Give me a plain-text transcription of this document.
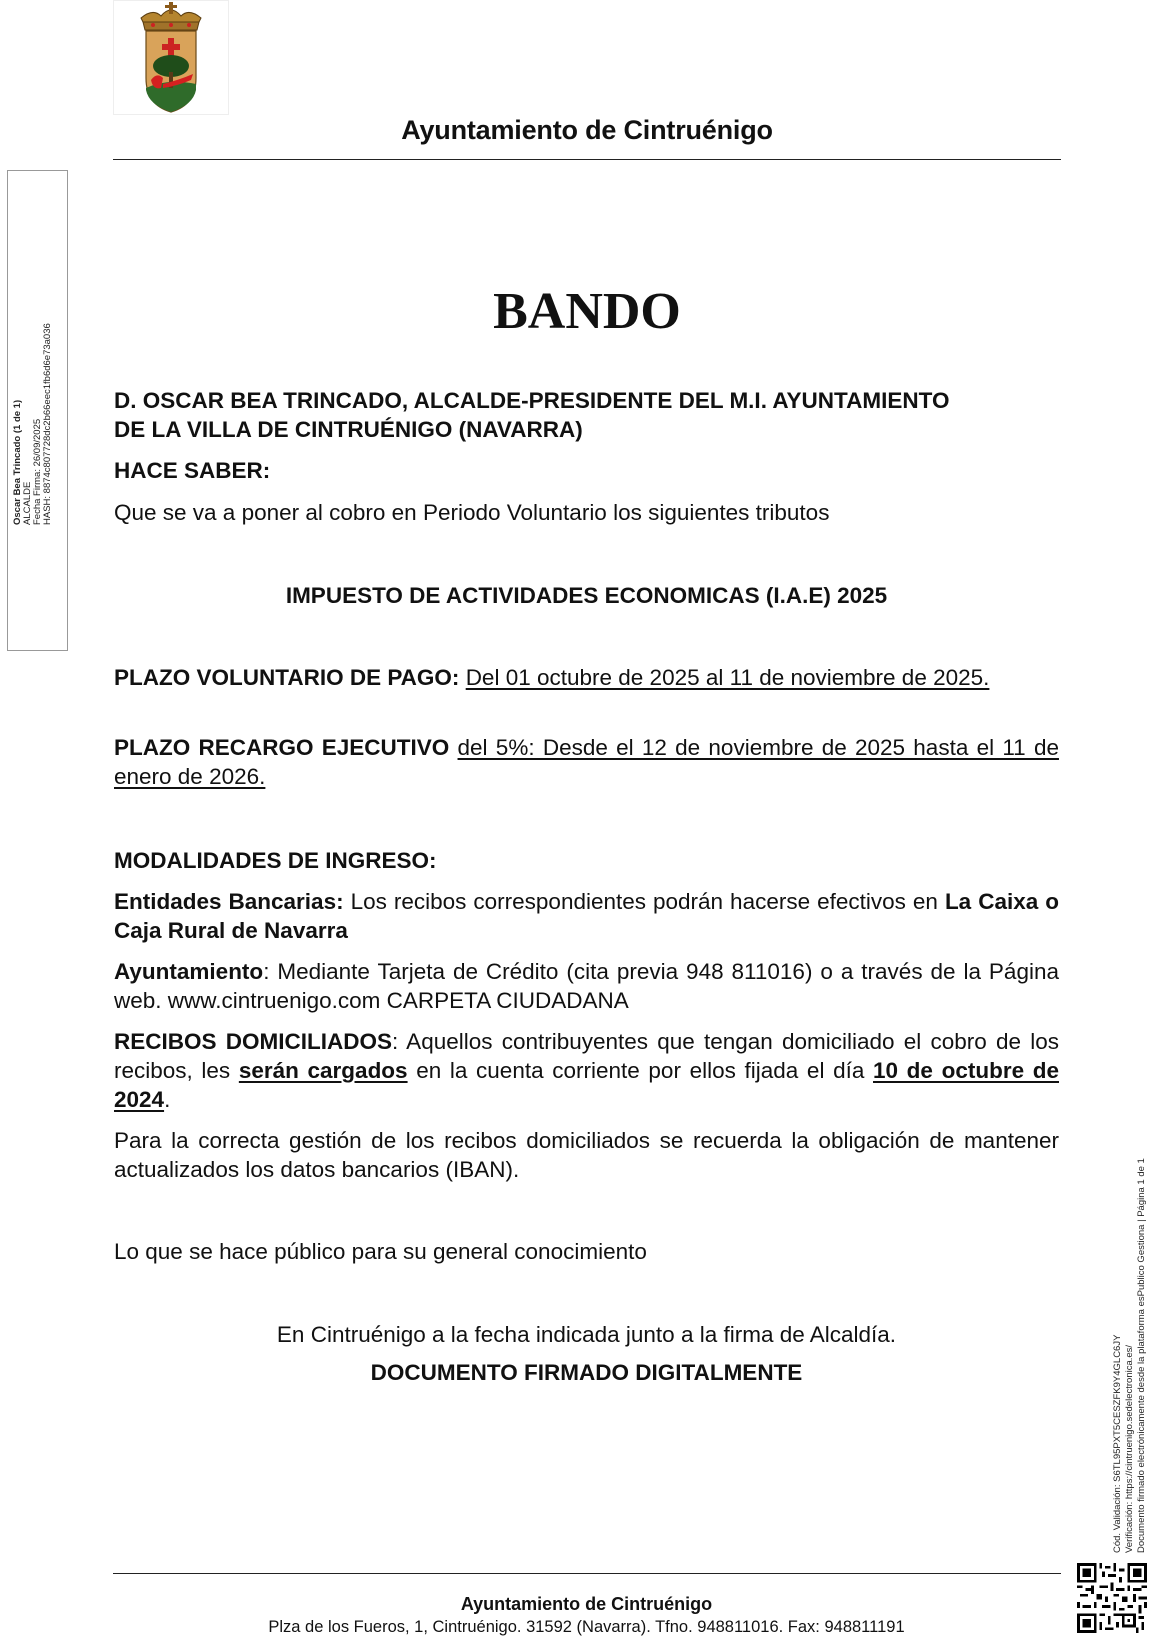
Ayuntamiento de Cintruénigo
Oscar Bea Trincado (1 de 1) ALCALDE Fecha Firma: 26/09/2025 HASH: 8874c807728dc2b66eec1fb6d6e73a036
BANDO
D. OSCAR BEA TRINCADO, ALCALDE-PRESIDENTE DEL M.I. AYUNTAMIENTO
DE LA VILLA DE CINTRUÉNIGO (NAVARRA)
HACE SABER:
Que se va a poner al cobro en Periodo Voluntario los siguientes tributos
IMPUESTO DE ACTIVIDADES ECONOMICAS (I.A.E) 2025
PLAZO VOLUNTARIO DE PAGO: Del 01 octubre de 2025 al 11 de noviembre de 2025.
PLAZO RECARGO EJECUTIVO del 5%: Desde el 12 de noviembre de 2025 hasta el 11 de enero de 2026.
MODALIDADES DE INGRESO:
Entidades Bancarias: Los recibos correspondientes podrán hacerse efectivos en La Caixa o Caja Rural de Navarra
Ayuntamiento: Mediante Tarjeta de Crédito (cita previa 948 811016) o a través de la Página web. www.cintruenigo.com CARPETA CIUDADANA
RECIBOS DOMICILIADOS: Aquellos contribuyentes que tengan domiciliado el cobro de los recibos, les serán cargados en la cuenta corriente por ellos fijada el día 10 de octubre de 2024.
Para la correcta gestión de los recibos domiciliados se recuerda la obligación de mantener actualizados los datos bancarios (IBAN).
Lo que se hace público para su general conocimiento
En Cintruénigo a la fecha indicada junto a la firma de Alcaldía.
DOCUMENTO FIRMADO DIGITALMENTE	Cód. Validación: S6TL95PXT5CESZFK9Y4GLC6JY Verificación: https://cintruenigo.sedelectronica.es/ Documento firmado electrónicamente desde la plataforma esPublico Gestiona | Página 1 de 1
Ayuntamiento de Cintruénigo
Plza de los Fueros, 1, Cintruénigo. 31592 (Navarra). Tfno. 948811016. Fax: 948811191
